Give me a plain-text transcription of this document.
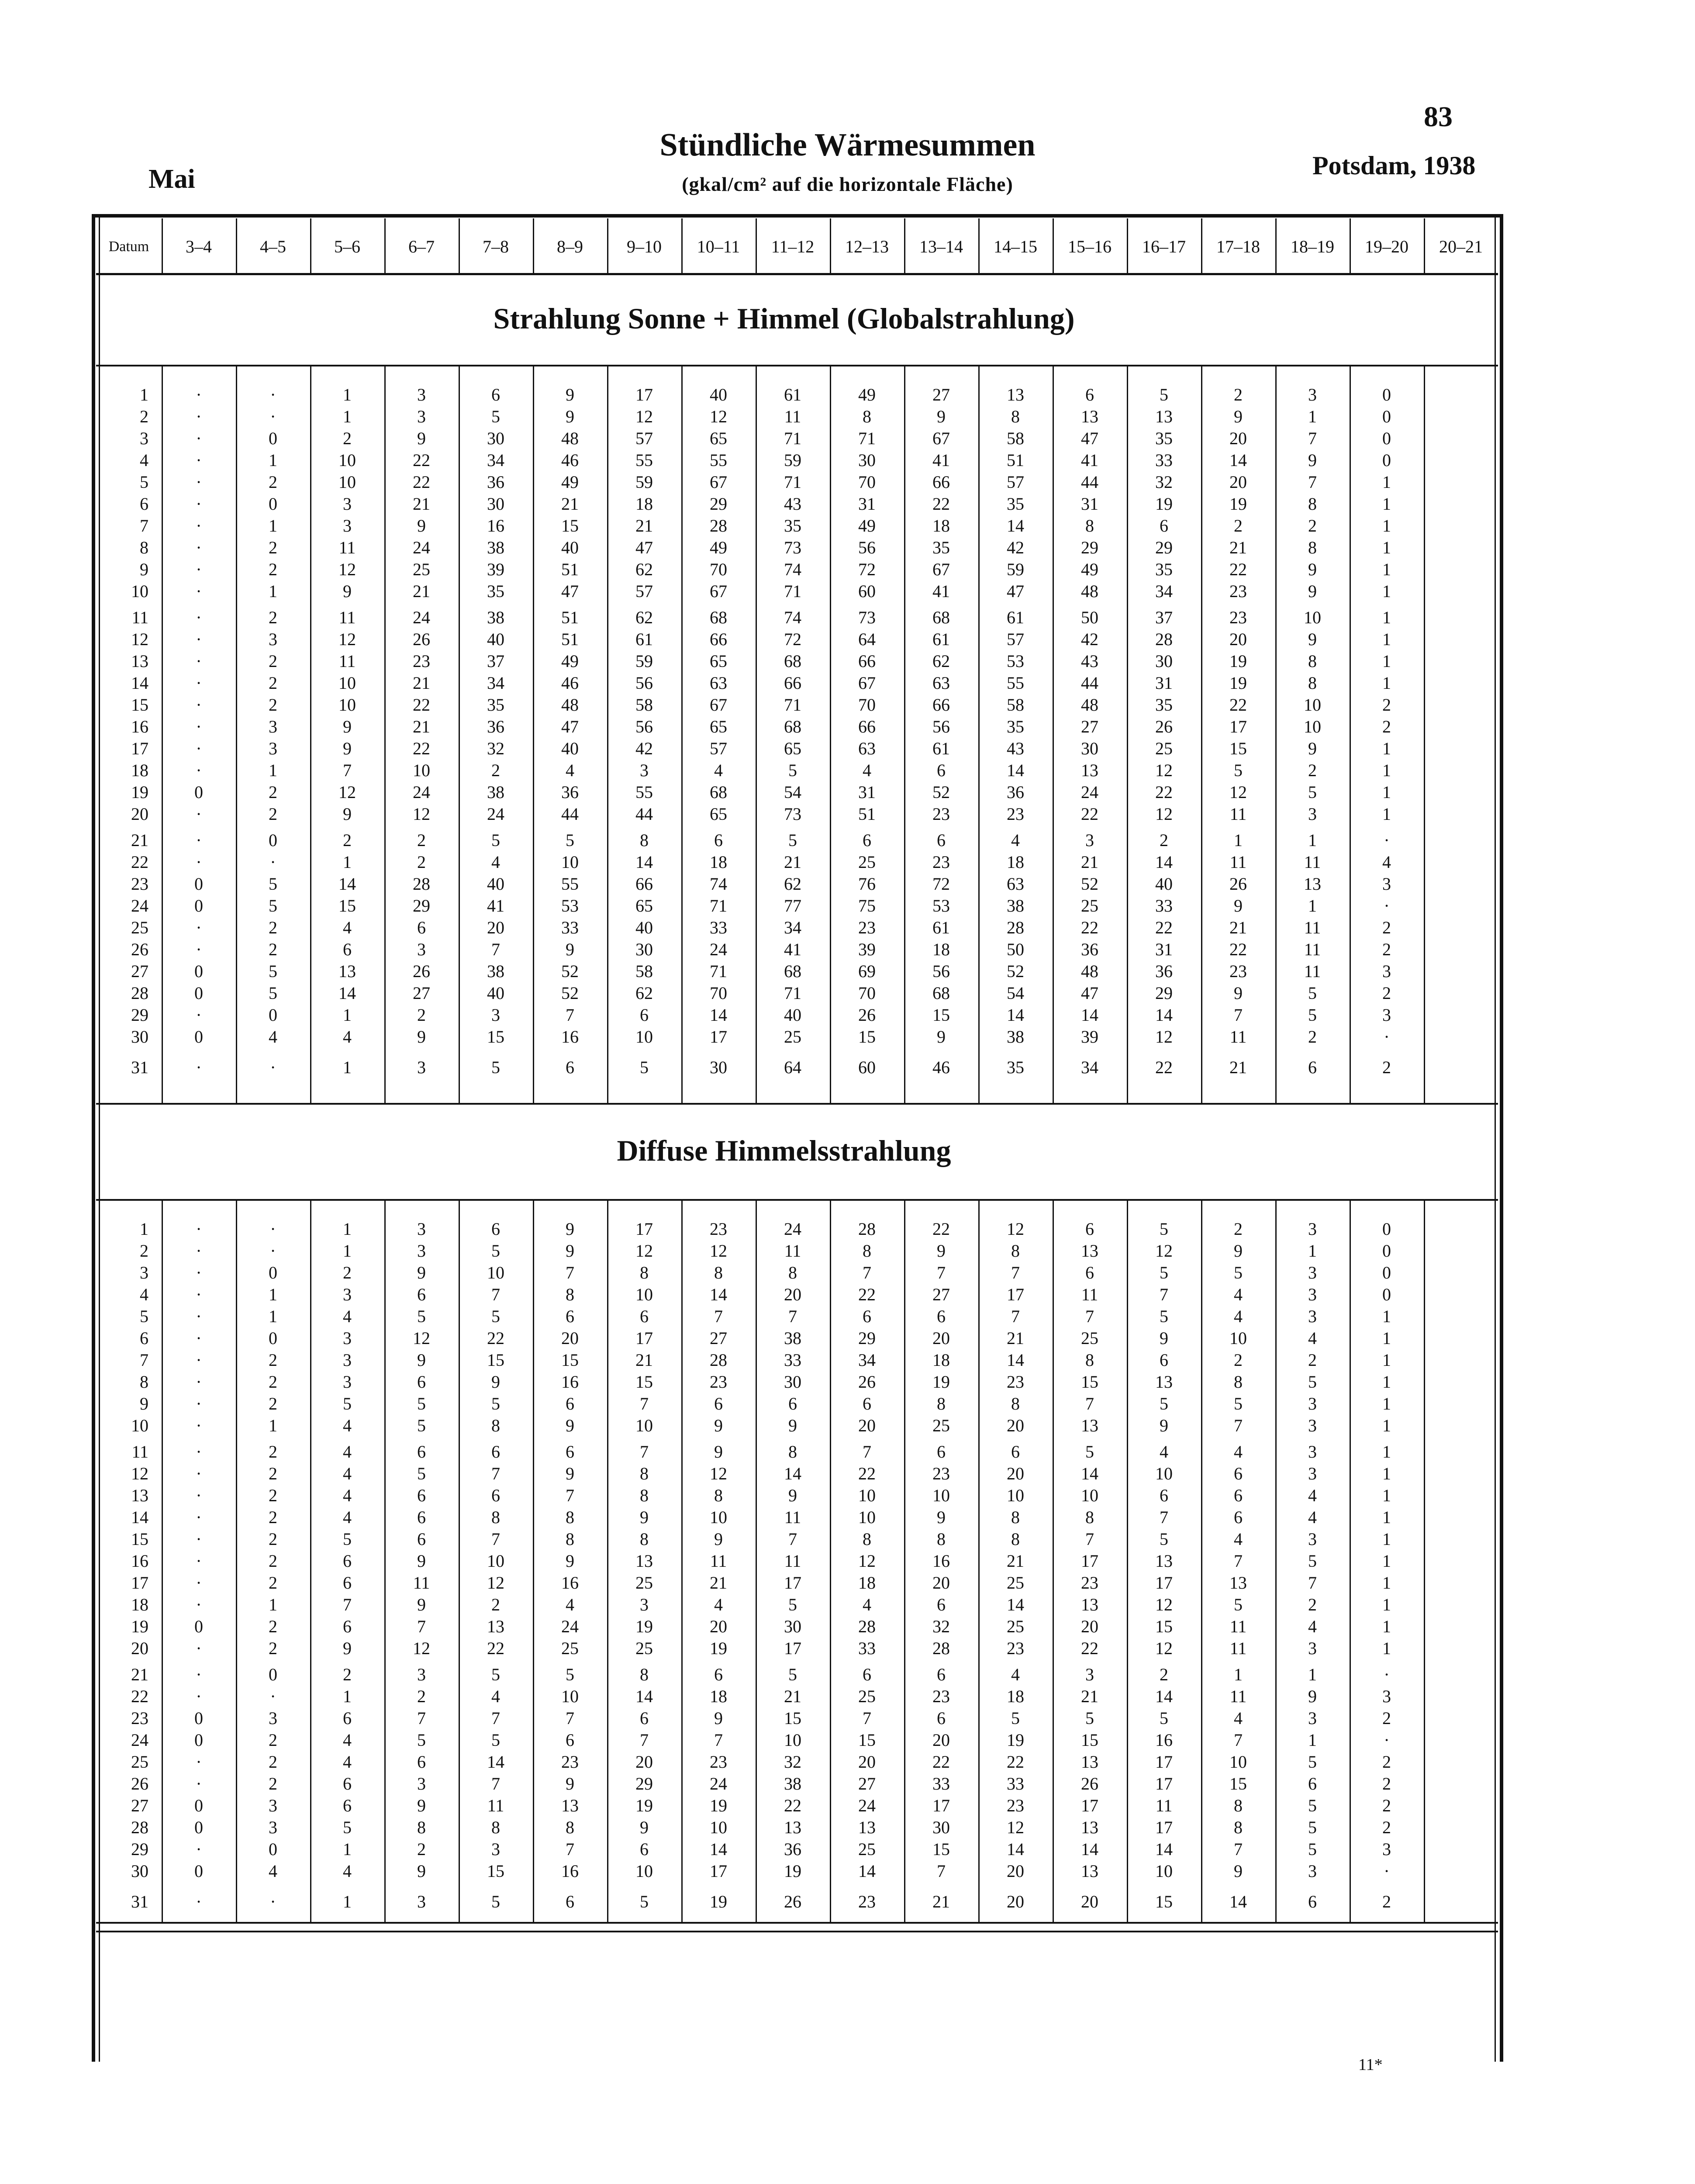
83
Mai
Stündliche Wärmesummen
(gkal/cm² auf die horizontale Fläche)
Potsdam, 1938
Datum	3–4	4–5	5–6	6–7	7–8	8–9	9–10	10–11	11–12	12–13	13–14	14–15	15–16	16–17	17–18	18–19	19–20	20–21
Strahlung Sonne + Himmel (Globalstrahlung)
1	·	·	1	3	6	9	17	40	61	49	27	13	6	5	2	3	0
2	·	·	1	3	5	9	12	12	11	8	9	8	13	13	9	1	0
3	·	0	2	9	30	48	57	65	71	71	67	58	47	35	20	7	0
4	·	1	10	22	34	46	55	55	59	30	41	51	41	33	14	9	0
5	·	2	10	22	36	49	59	67	71	70	66	57	44	32	20	7	1
6	·	0	3	21	30	21	18	29	43	31	22	35	31	19	19	8	1
7	·	1	3	9	16	15	21	28	35	49	18	14	8	6	2	2	1
8	·	2	11	24	38	40	47	49	73	56	35	42	29	29	21	8	1
9	·	2	12	25	39	51	62	70	74	72	67	59	49	35	22	9	1
10	·	1	9	21	35	47	57	67	71	60	41	47	48	34	23	9	1
11	·	2	11	24	38	51	62	68	74	73	68	61	50	37	23	10	1
12	·	3	12	26	40	51	61	66	72	64	61	57	42	28	20	9	1
13	·	2	11	23	37	49	59	65	68	66	62	53	43	30	19	8	1
14	·	2	10	21	34	46	56	63	66	67	63	55	44	31	19	8	1
15	·	2	10	22	35	48	58	67	71	70	66	58	48	35	22	10	2
16	·	3	9	21	36	47	56	65	68	66	56	35	27	26	17	10	2
17	·	3	9	22	32	40	42	57	65	63	61	43	30	25	15	9	1
18	·	1	7	10	2	4	3	4	5	4	6	14	13	12	5	2	1
19	0	2	12	24	38	36	55	68	54	31	52	36	24	22	12	5	1
20	·	2	9	12	24	44	44	65	73	51	23	23	22	12	11	3	1
21	·	0	2	2	5	5	8	6	5	6	6	4	3	2	1	1	·
22	·	·	1	2	4	10	14	18	21	25	23	18	21	14	11	11	4
23	0	5	14	28	40	55	66	74	62	76	72	63	52	40	26	13	3
24	0	5	15	29	41	53	65	71	77	75	53	38	25	33	9	1	·
25	·	2	4	6	20	33	40	33	34	23	61	28	22	22	21	11	2
26	·	2	6	3	7	9	30	24	41	39	18	50	36	31	22	11	2
27	0	5	13	26	38	52	58	71	68	69	56	52	48	36	23	11	3
28	0	5	14	27	40	52	62	70	71	70	68	54	47	29	9	5	2
29	·	0	1	2	3	7	6	14	40	26	15	14	14	14	7	5	3
30	0	4	4	9	15	16	10	17	25	15	9	38	39	12	11	2	·
31	·	·	1	3	5	6	5	30	64	60	46	35	34	22	21	6	2
Diffuse Himmelsstrahlung
1	·	·	1	3	6	9	17	23	24	28	22	12	6	5	2	3	0
2	·	·	1	3	5	9	12	12	11	8	9	8	13	12	9	1	0
3	·	0	2	9	10	7	8	8	8	7	7	7	6	5	5	3	0
4	·	1	3	6	7	8	10	14	20	22	27	17	11	7	4	3	0
5	·	1	4	5	5	6	6	7	7	6	6	7	7	5	4	3	1
6	·	0	3	12	22	20	17	27	38	29	20	21	25	9	10	4	1
7	·	2	3	9	15	15	21	28	33	34	18	14	8	6	2	2	1
8	·	2	3	6	9	16	15	23	30	26	19	23	15	13	8	5	1
9	·	2	5	5	5	6	7	6	6	6	8	8	7	5	5	3	1
10	·	1	4	5	8	9	10	9	9	20	25	20	13	9	7	3	1
11	·	2	4	6	6	6	7	9	8	7	6	6	5	4	4	3	1
12	·	2	4	5	7	9	8	12	14	22	23	20	14	10	6	3	1
13	·	2	4	6	6	7	8	8	9	10	10	10	10	6	6	4	1
14	·	2	4	6	8	8	9	10	11	10	9	8	8	7	6	4	1
15	·	2	5	6	7	8	8	9	7	8	8	8	7	5	4	3	1
16	·	2	6	9	10	9	13	11	11	12	16	21	17	13	7	5	1
17	·	2	6	11	12	16	25	21	17	18	20	25	23	17	13	7	1
18	·	1	7	9	2	4	3	4	5	4	6	14	13	12	5	2	1
19	0	2	6	7	13	24	19	20	30	28	32	25	20	15	11	4	1
20	·	2	9	12	22	25	25	19	17	33	28	23	22	12	11	3	1
21	·	0	2	3	5	5	8	6	5	6	6	4	3	2	1	1	·
22	·	·	1	2	4	10	14	18	21	25	23	18	21	14	11	9	3
23	0	3	6	7	7	7	6	9	15	7	6	5	5	5	4	3	2
24	0	2	4	5	5	6	7	7	10	15	20	19	15	16	7	1	·
25	·	2	4	6	14	23	20	23	32	20	22	22	13	17	10	5	2
26	·	2	6	3	7	9	29	24	38	27	33	33	26	17	15	6	2
27	0	3	6	9	11	13	19	19	22	24	17	23	17	11	8	5	2
28	0	3	5	8	8	8	9	10	13	13	30	12	13	17	8	5	2
29	·	0	1	2	3	7	6	14	36	25	15	14	14	14	7	5	3
30	0	4	4	9	15	16	10	17	19	14	7	20	13	10	9	3	·
31	·	·	1	3	5	6	5	19	26	23	21	20	20	15	14	6	2
11*
